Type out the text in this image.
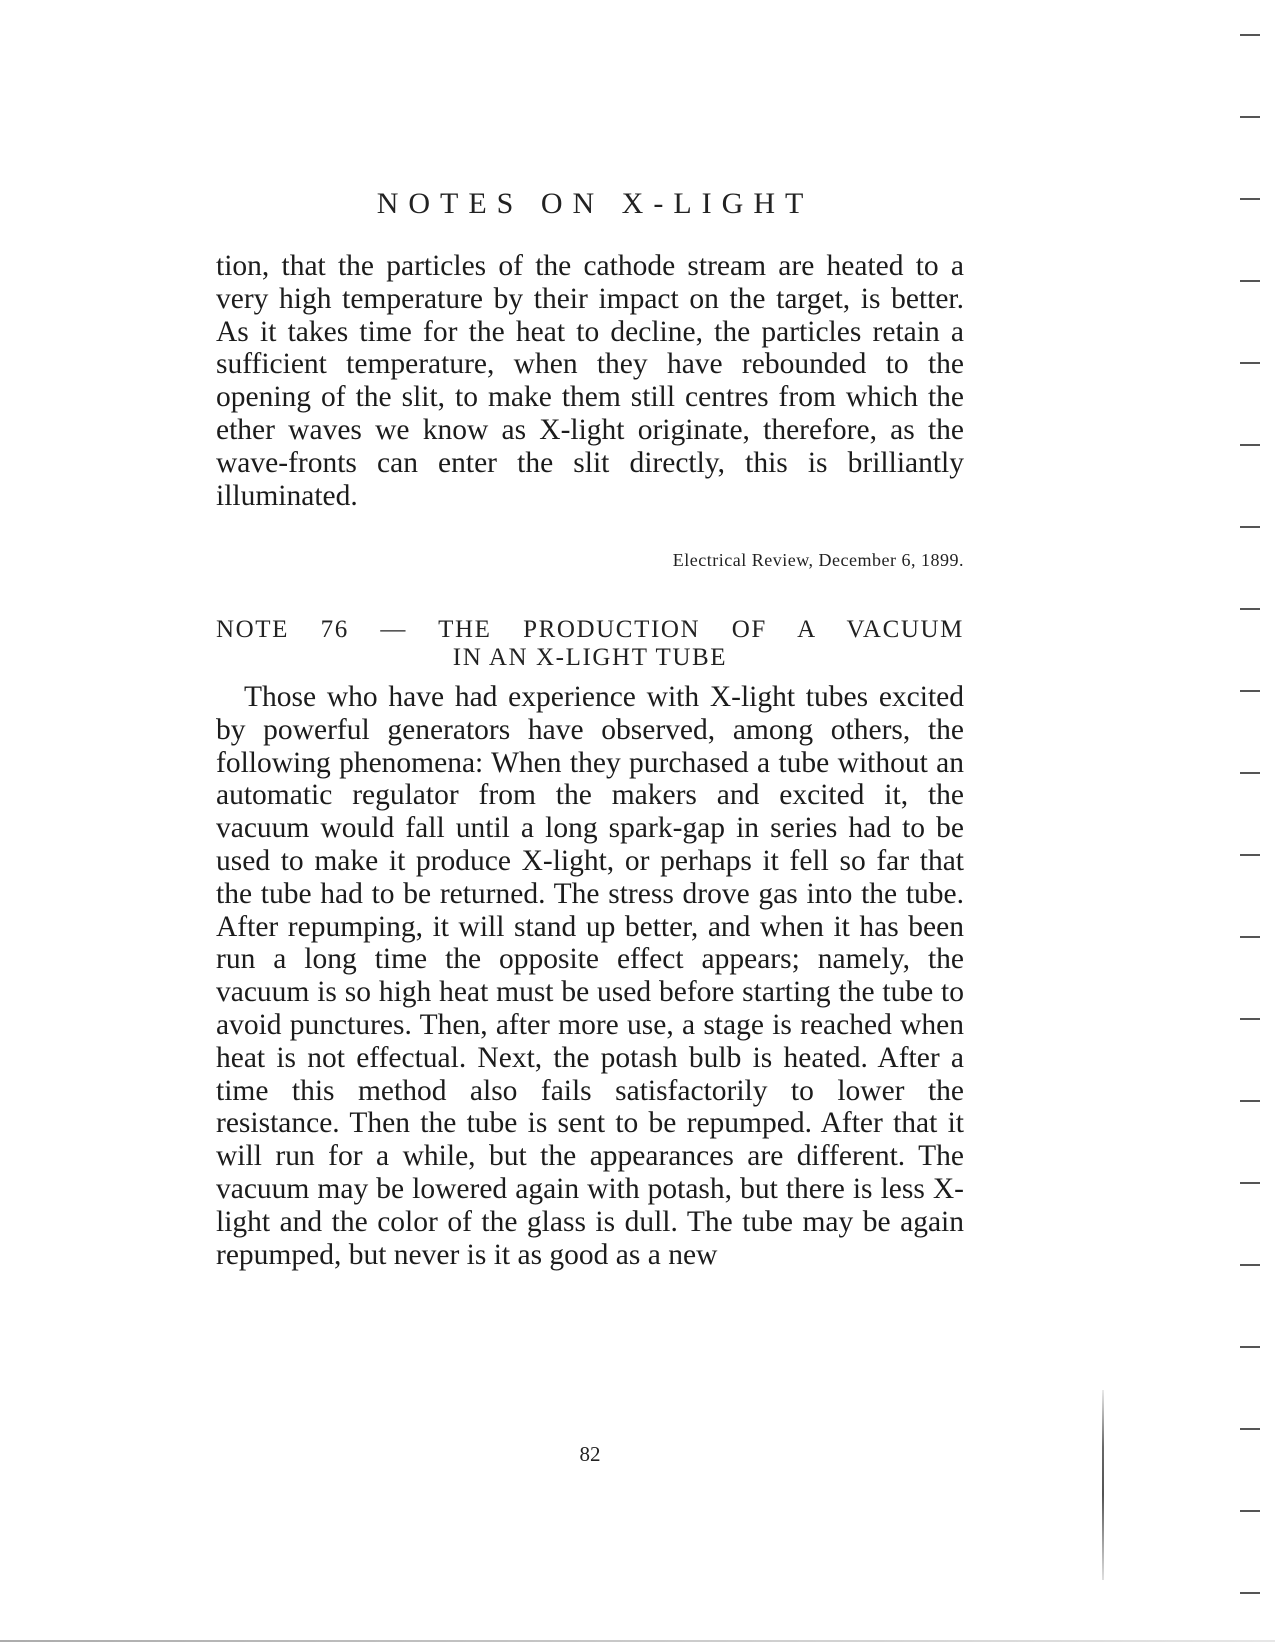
NOTES ON X-LIGHT
tion, that the particles of the cathode stream are heated to a very high temperature by their impact on the target, is better. As it takes time for the heat to decline, the particles retain a sufficient temperature, when they have rebounded to the opening of the slit, to make them still centres from which the ether waves we know as X-light originate, therefore, as the wave-fronts can enter the slit directly, this is brilliantly illuminated.
Electrical Review, December 6, 1899.
NOTE 76 — THE PRODUCTION OF A VACUUM
IN AN X-LIGHT TUBE
Those who have had experience with X-light tubes excited by powerful generators have observed, among others, the following phenomena: When they purchased a tube without an automatic regulator from the makers and excited it, the vacuum would fall until a long spark-gap in series had to be used to make it produce X-light, or perhaps it fell so far that the tube had to be returned. The stress drove gas into the tube. After repumping, it will stand up better, and when it has been run a long time the opposite effect appears; namely, the vacuum is so high heat must be used before starting the tube to avoid punctures. Then, after more use, a stage is reached when heat is not effectual. Next, the potash bulb is heated. After a time this method also fails satisfactorily to lower the resistance. Then the tube is sent to be repumped. After that it will run for a while, but the appearances are different. The vacuum may be lowered again with potash, but there is less X-light and the color of the glass is dull. The tube may be again repumped, but never is it as good as a new
82
